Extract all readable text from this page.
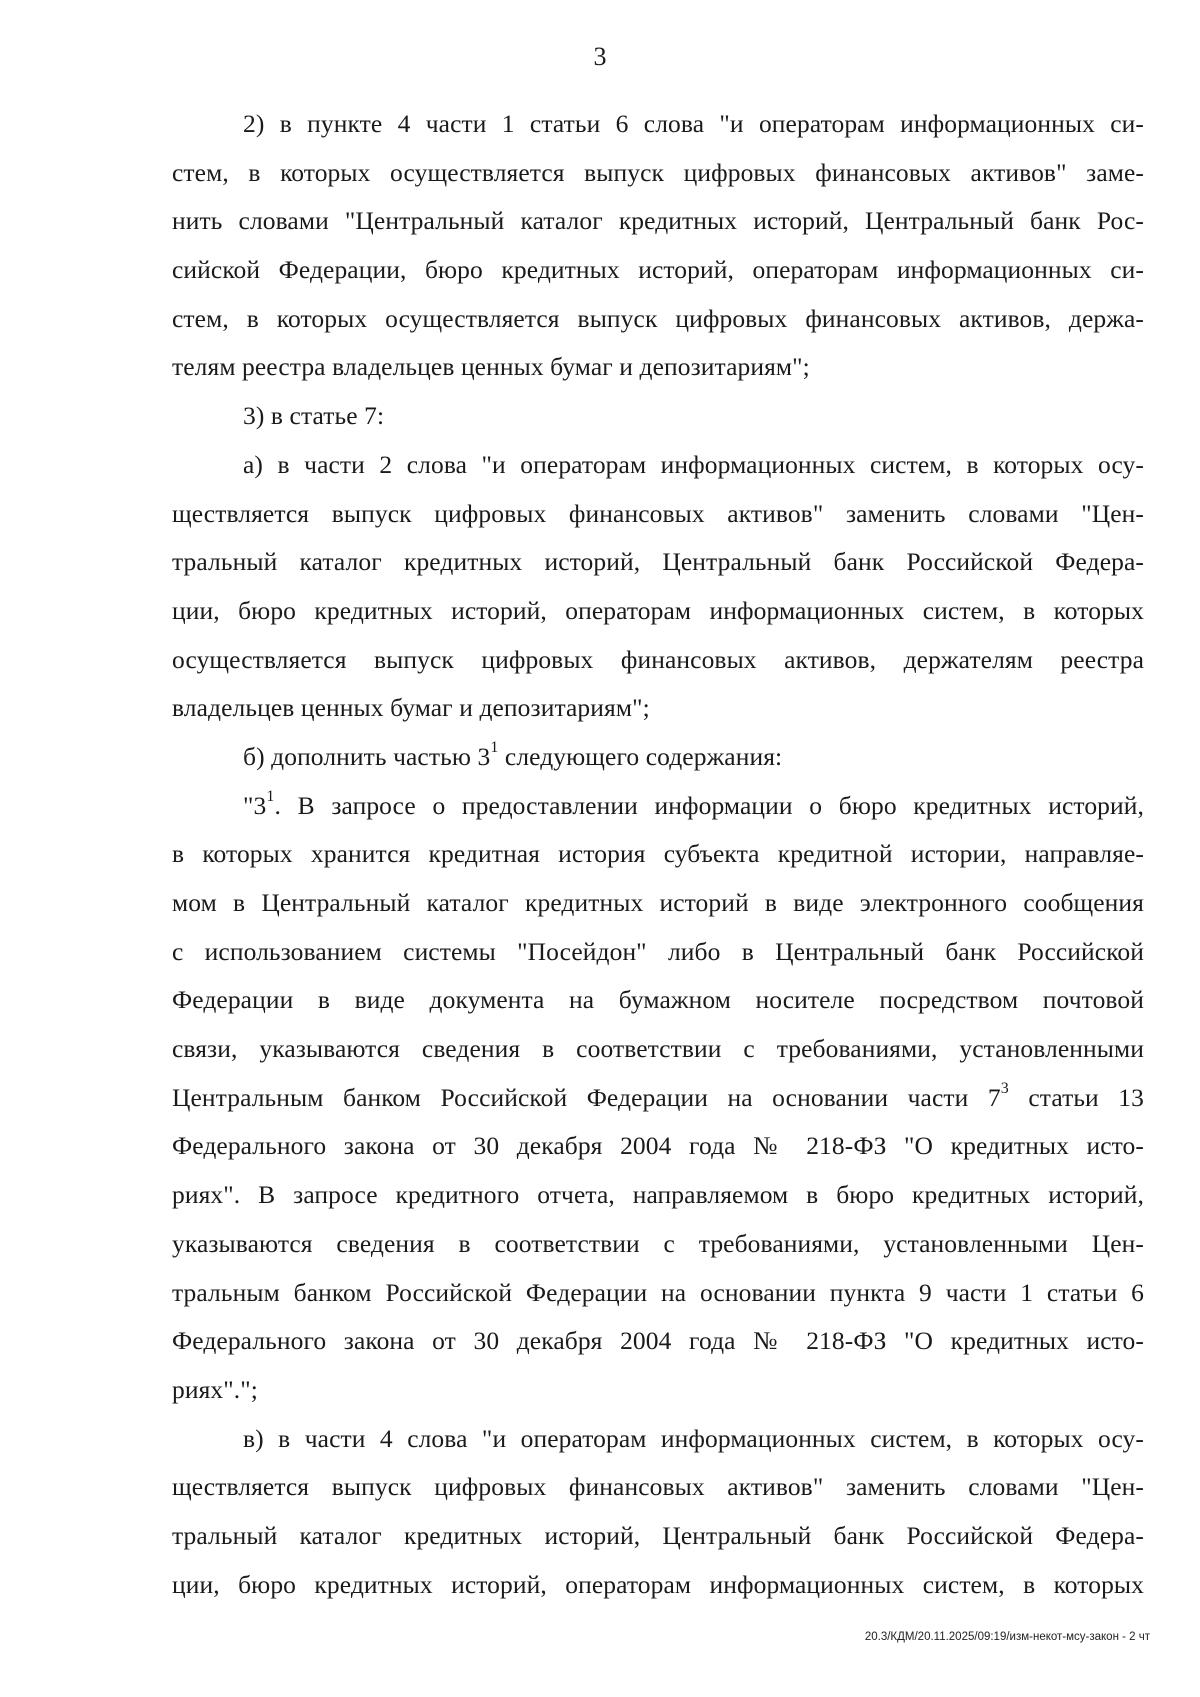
3
2) в пункте 4 части 1 статьи 6 слова "и операторам информационных си-
стем, в которых осуществляется выпуск цифровых финансовых активов" заме-
нить словами "Центральный каталог кредитных историй, Центральный банк Рос-
сийской Федерации, бюро кредитных историй, операторам информационных си-
стем, в которых осуществляется выпуск цифровых финансовых активов, держа-
телям реестра владельцев ценных бумаг и депозитариям";
3) в статье 7:
а) в части 2 слова "и операторам информационных систем, в которых осу-
ществляется выпуск цифровых финансовых активов" заменить словами "Цен-
тральный каталог кредитных историй, Центральный банк Российской Федера-
ции, бюро кредитных историй, операторам информационных систем, в которых
осуществляется выпуск цифровых финансовых активов, держателям реестра
владельцев ценных бумаг и депозитариям";
б) дополнить частью $3^1$ следующего содержания:
"$3^1$. В запросе о предоставлении информации о бюро кредитных историй,
в которых хранится кредитная история субъекта кредитной истории, направляе-
мом в Центральный каталог кредитных историй в виде электронного сообщения
с использованием системы "Посейдон" либо в Центральный банк Российской
Федерации в виде документа на бумажном носителе посредством почтовой
связи, указываются сведения в соответствии с требованиями, установленными
Центральным банком Российской Федерации на основании части $7^3$ статьи 13
Федерального закона от 30 декабря 2004 года № 218-ФЗ "О кредитных исто-
риях". В запросе кредитного отчета, направляемом в бюро кредитных историй,
указываются сведения в соответствии с требованиями, установленными Цен-
тральным банком Российской Федерации на основании пункта 9 части 1 статьи 6
Федерального закона от 30 декабря 2004 года № 218-ФЗ "О кредитных исто-
риях".";
в) в части 4 слова "и операторам информационных систем, в которых осу-
ществляется выпуск цифровых финансовых активов" заменить словами "Цен-
тральный каталог кредитных историй, Центральный банк Российской Федера-
ции, бюро кредитных историй, операторам информационных систем, в которых
20.3/КДМ/20.11.2025/09:19/изм-некот-мсу-закон - 2 чт
